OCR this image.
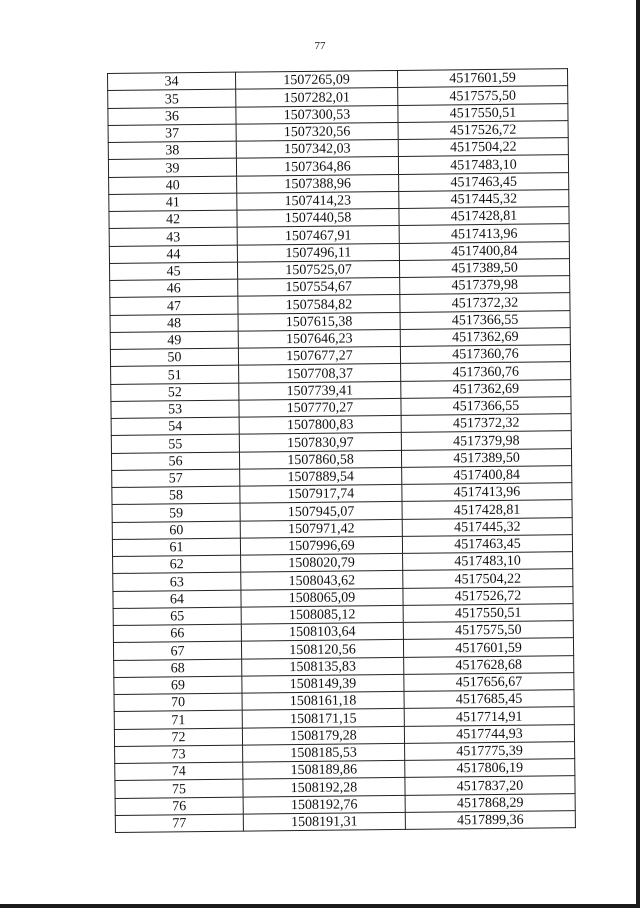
77
34	1507265,09	4517601,59
35	1507282,01	4517575,50
36	1507300,53	4517550,51
37	1507320,56	4517526,72
38	1507342,03	4517504,22
39	1507364,86	4517483,10
40	1507388,96	4517463,45
41	1507414,23	4517445,32
42	1507440,58	4517428,81
43	1507467,91	4517413,96
44	1507496,11	4517400,84
45	1507525,07	4517389,50
46	1507554,67	4517379,98
47	1507584,82	4517372,32
48	1507615,38	4517366,55
49	1507646,23	4517362,69
50	1507677,27	4517360,76
51	1507708,37	4517360,76
52	1507739,41	4517362,69
53	1507770,27	4517366,55
54	1507800,83	4517372,32
55	1507830,97	4517379,98
56	1507860,58	4517389,50
57	1507889,54	4517400,84
58	1507917,74	4517413,96
59	1507945,07	4517428,81
60	1507971,42	4517445,32
61	1507996,69	4517463,45
62	1508020,79	4517483,10
63	1508043,62	4517504,22
64	1508065,09	4517526,72
65	1508085,12	4517550,51
66	1508103,64	4517575,50
67	1508120,56	4517601,59
68	1508135,83	4517628,68
69	1508149,39	4517656,67
70	1508161,18	4517685,45
71	1508171,15	4517714,91
72	1508179,28	4517744,93
73	1508185,53	4517775,39
74	1508189,86	4517806,19
75	1508192,28	4517837,20
76	1508192,76	4517868,29
77	1508191,31	4517899,36
